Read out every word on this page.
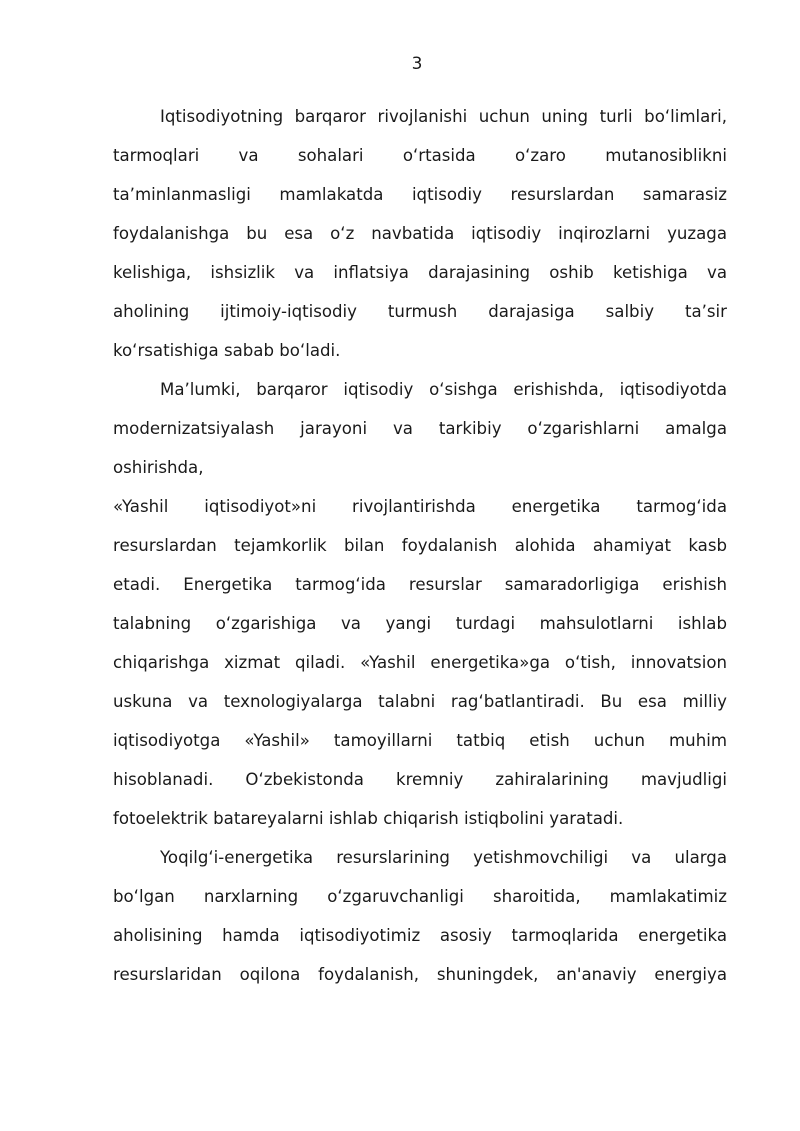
3
Iqtisodiyotning barqaror rivojlanishi uchun uning turli boʻlimlari,
tarmoqlari va sohalari oʻrtasida oʻzaro mutanosiblikni
taʼminlanmasligi mamlakatda iqtisodiy resurslardan samarasiz
foydalanishga bu esa oʻz navbatida iqtisodiy inqirozlarni yuzaga
kelishiga, ishsizlik va inflatsiya darajasining oshib ketishiga va
aholining ijtimoiy-iqtisodiy turmush darajasiga salbiy taʼsir
koʻrsatishiga sabab boʻladi.
Maʼlumki, barqaror iqtisodiy oʻsishga erishishda, iqtisodiyotda
modernizatsiyalash jarayoni va tarkibiy oʻzgarishlarni amalga
oshirishda,
«Yashil iqtisodiyot»ni rivojlantirishda energetika tarmogʻida
resurslardan tejamkorlik bilan foydalanish alohida ahamiyat kasb
etadi. Energetika tarmogʻida resurslar samaradorligiga erishish
talabning oʻzgarishiga va yangi turdagi mahsulotlarni ishlab
chiqarishga xizmat qiladi. «Yashil energetika»ga oʻtish, innovatsion
uskuna va texnologiyalarga talabni ragʻbatlantiradi. Bu esa milliy
iqtisodiyotga «Yashil» tamoyillarni tatbiq etish uchun muhim
hisoblanadi. Oʻzbekistonda kremniy zahiralarining mavjudligi
fotoelektrik batareyalarni ishlab chiqarish istiqbolini yaratadi.
Yoqilgʻi-energetika resurslarining yetishmovchiligi va ularga
boʻlgan narxlarning oʻzgaruvchanligi sharoitida, mamlakatimiz
aholisining hamda iqtisodiyotimiz asosiy tarmoqlarida energetika
resurslaridan oqilona foydalanish, shuningdek, an'anaviy energiya
